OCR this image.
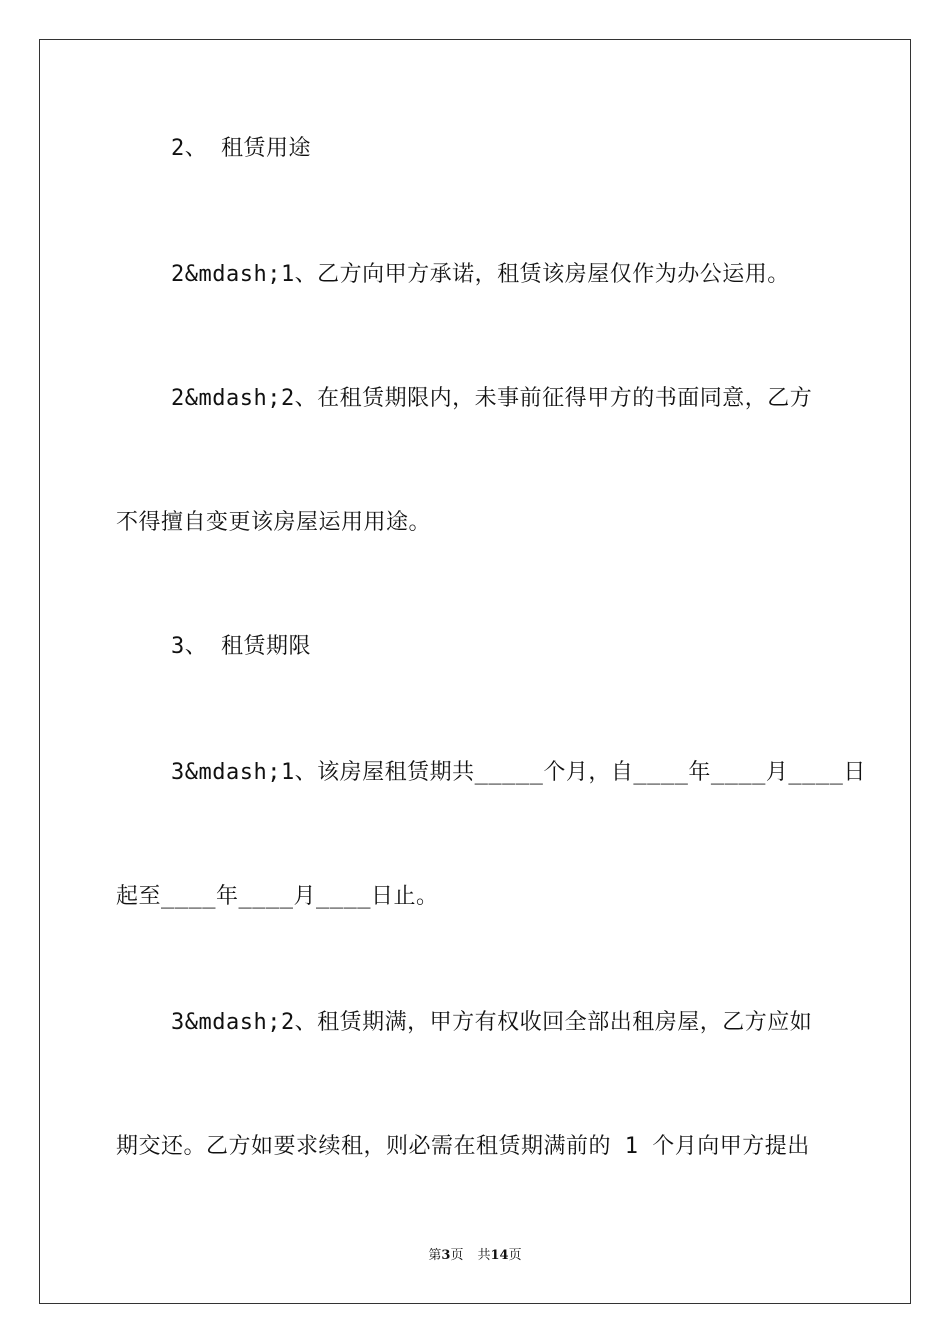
2、 租赁用途
2&mdash;1、乙方向甲方承诺，租赁该房屋仅作为办公运用。
2&mdash;2、在租赁期限内，未事前征得甲方的书面同意，乙方
不得擅自变更该房屋运用用途。
3、 租赁期限
3&mdash;1、该房屋租赁期共_____个月，自____年____月____日
起至____年____月____日止。
3&mdash;2、租赁期满，甲方有权收回全部出租房屋，乙方应如
期交还。乙方如要求续租，则必需在租赁期满前的 1 个月向甲方提出
第3页 共14页
